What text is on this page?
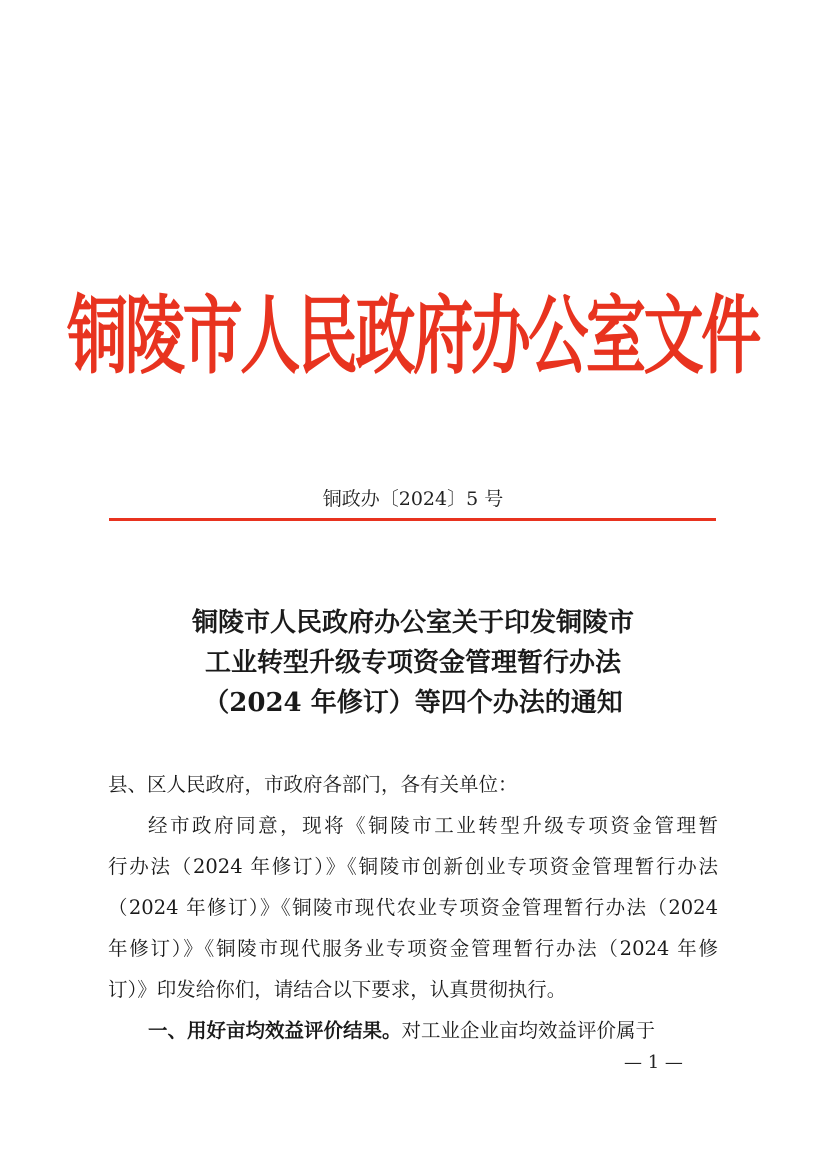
铜陵市人民政府办公室文件
铜政办〔2024〕5 号
铜陵市人民政府办公室关于印发铜陵市
工业转型升级专项资金管理暂行办法
（2024 年修订）等四个办法的通知
县、区人民政府，市政府各部门，各有关单位：
经市政府同意，现将《铜陵市工业转型升级专项资金管理暂
行办法（2024 年修订）》《铜陵市创新创业专项资金管理暂行办法
（2024 年修订）》《铜陵市现代农业专项资金管理暂行办法（2024
年修订）》《铜陵市现代服务业专项资金管理暂行办法（2024 年修
订）》印发给你们，请结合以下要求，认真贯彻执行。
一、用好亩均效益评价结果。对工业企业亩均效益评价属于
— 1 —
